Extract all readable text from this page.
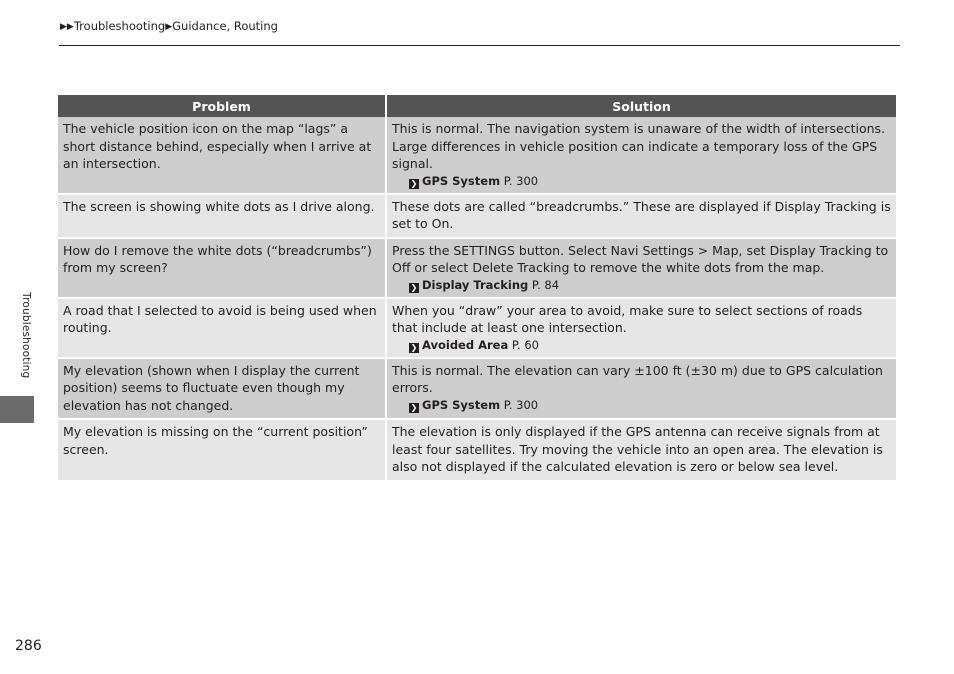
▶▶Troubleshooting▶Guidance, Routing
Troubleshooting
Problem	Solution
The vehicle position icon on the map “lags” a short distance behind, especially when I arrive at an intersection.	This is normal. The navigation system is unaware of the width of intersections. Large differences in vehicle position can indicate a temporary loss of the GPS signal.
❯ GPS System P. 300

The screen is showing white dots as I drive along.	These dots are called “breadcrumbs.” These are displayed if Display Tracking is set to On.
How do I remove the white dots (“breadcrumbs”) from my screen?	Press the SETTINGS button. Select Navi Settings > Map, set Display Tracking to Off or select Delete Tracking to remove the white dots from the map.
❯ Display Tracking P. 84

A road that I selected to avoid is being used when routing.	When you “draw” your area to avoid, make sure to select sections of roads that include at least one intersection.
❯ Avoided Area P. 60

My elevation (shown when I display the current position) seems to fluctuate even though my elevation has not changed.	This is normal. The elevation can vary ±100 ft (±30 m) due to GPS calculation errors.
❯ GPS System P. 300

My elevation is missing on the “current position” screen.	The elevation is only displayed if the GPS antenna can receive signals from at least four satellites. Try moving the vehicle into an open area. The elevation is also not displayed if the calculated elevation is zero or below sea level.
286
